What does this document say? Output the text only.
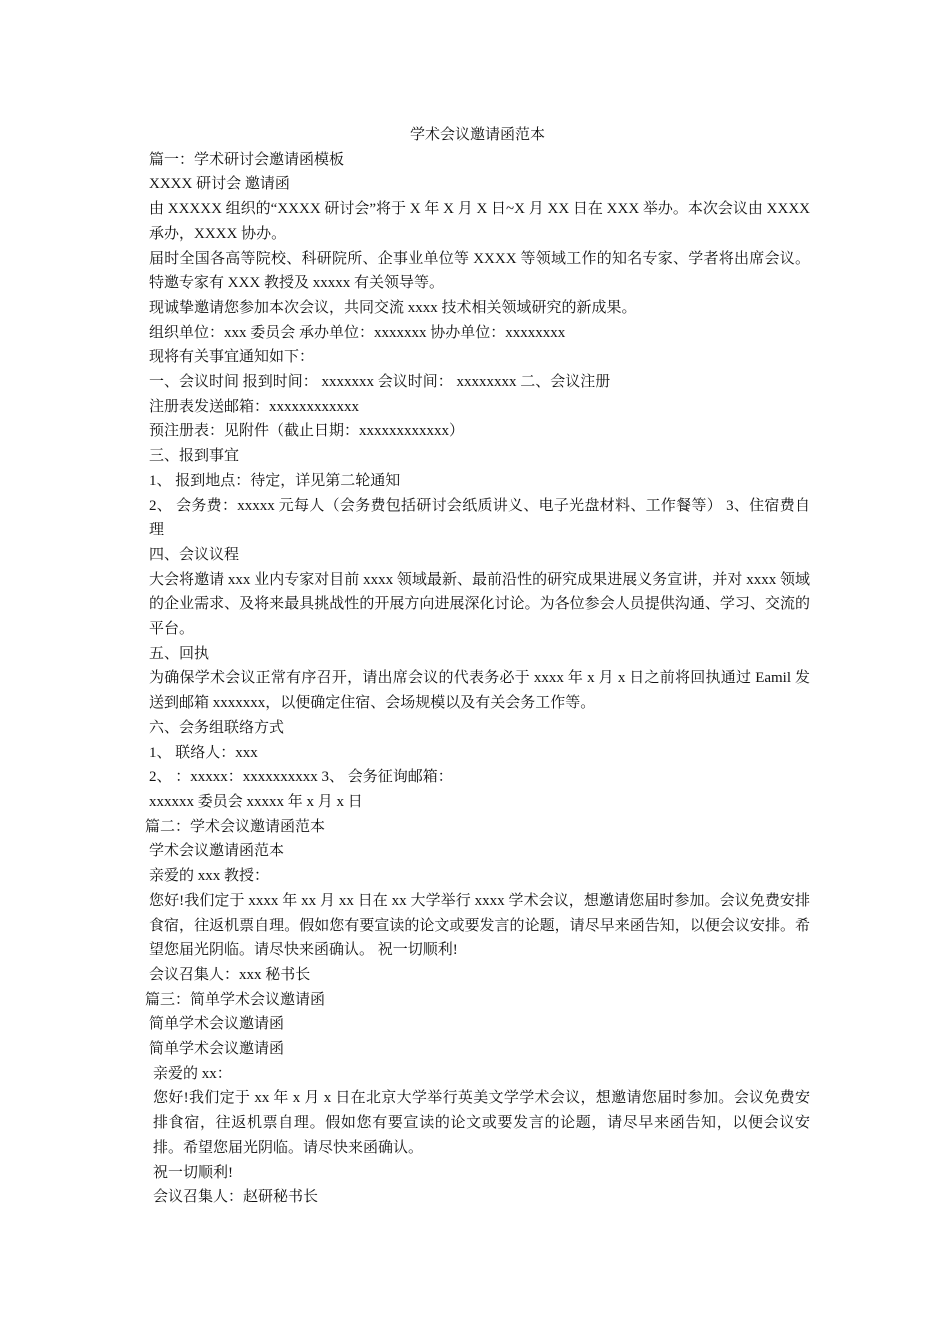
学术会议邀请函范本

篇一：学术研讨会邀请函模板

XXXX 研讨会 邀请函

由 XXXXX 组织的“XXXX 研讨会”将于 X 年 X 月 X 日~X 月 XX 日在 XXX 举办。本次会议由 XXXX 承办，XXXX 协办。

届时全国各高等院校、科研院所、企事业单位等 XXXX 等领域工作的知名专家、学者将出席会议。特邀专家有 XXX 教授及 xxxxx 有关领导等。

现诚挚邀请您参加本次会议，共同交流 xxxx 技术相关领域研究的新成果。

组织单位：xxx 委员会 承办单位：xxxxxxx 协办单位：xxxxxxxx

现将有关事宜通知如下：

一、会议时间 报到时间： xxxxxxx 会议时间： xxxxxxxx 二、会议注册

注册表发送邮箱：xxxxxxxxxxxx

预注册表：见附件（截止日期：xxxxxxxxxxxx）

三、报到事宜

1、 报到地点：待定，详见第二轮通知

2、 会务费：xxxxx 元每人（会务费包括研讨会纸质讲义、电子光盘材料、工作餐等） 3、住宿费自理

四、会议议程

大会将邀请 xxx 业内专家对目前 xxxx 领域最新、最前沿性的研究成果进展义务宣讲，并对 xxxx 领域的企业需求、及将来最具挑战性的开展方向进展深化讨论。为各位参会人员提供沟通、学习、交流的平台。

五、回执

为确保学术会议正常有序召开，请出席会议的代表务必于 xxxx 年 x 月 x 日之前将回执通过 Eamil 发送到邮箱 xxxxxxx，以便确定住宿、会场规模以及有关会务工作等。

六、会务组联络方式

1、 联络人：xxx

2、 ：xxxxx：xxxxxxxxxx 3、 会务征询邮箱：

xxxxxx 委员会 xxxxx 年 x 月 x 日

篇二：学术会议邀请函范本

学术会议邀请函范本

亲爱的 xxx 教授：

您好!我们定于 xxxx 年 xx 月 xx 日在 xx 大学举行 xxxx 学术会议，想邀请您届时参加。会议免费安排食宿，往返机票自理。假如您有要宣读的论文或要发言的论题，请尽早来函告知，以便会议安排。希望您届光阴临。请尽快来函确认。 祝一切顺利!

会议召集人：xxx 秘书长

篇三：简单学术会议邀请函

简单学术会议邀请函

简单学术会议邀请函

亲爱的 xx：

您好!我们定于 xx 年 x 月 x 日在北京大学举行英美文学学术会议，想邀请您届时参加。会议免费安排食宿，往返机票自理。假如您有要宣读的论文或要发言的论题，请尽早来函告知，以便会议安排。希望您届光阴临。请尽快来函确认。

祝一切顺利!

会议召集人：赵研秘书长
